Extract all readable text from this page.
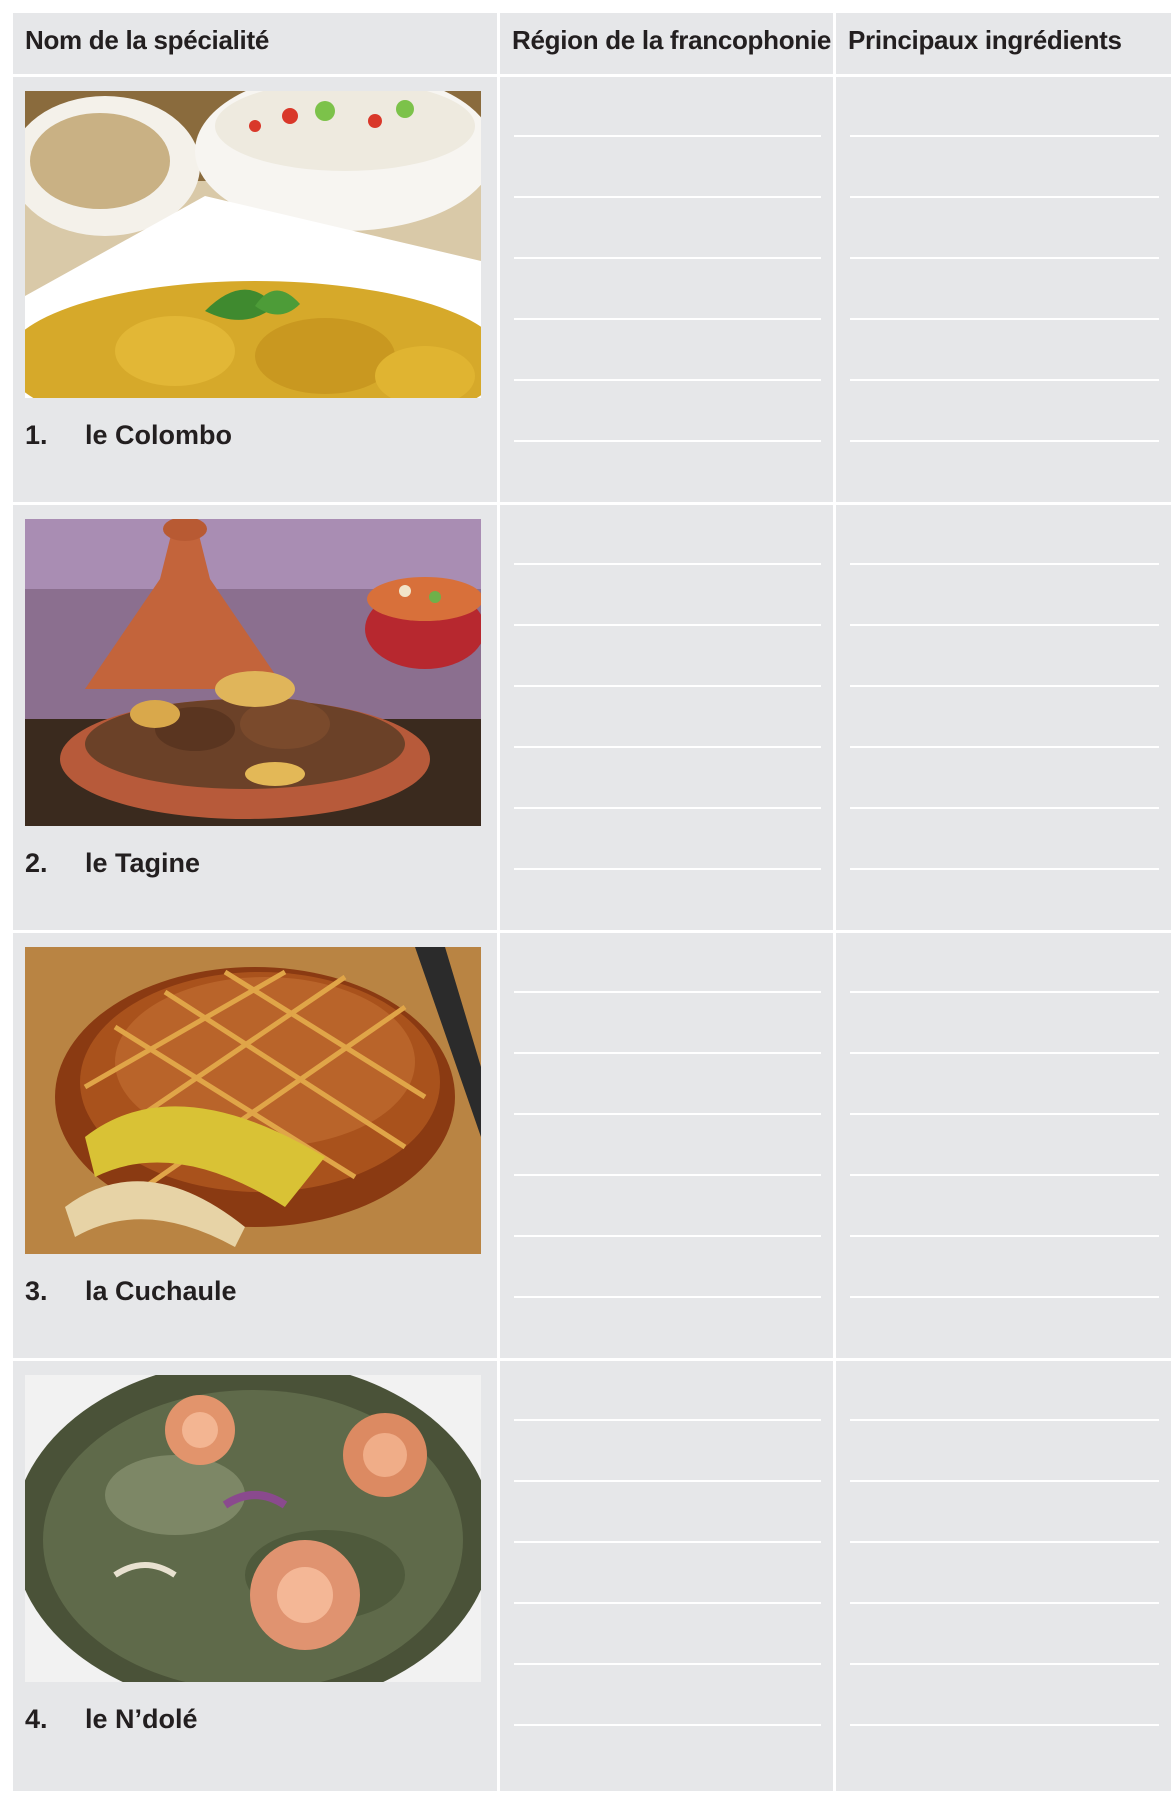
Nom de la spécialité	Région de la francophonie	Principaux ingrédients

1. le Colombo		

2. le Tagine		

3. la Cuchaule		

4. le N’dolé		
